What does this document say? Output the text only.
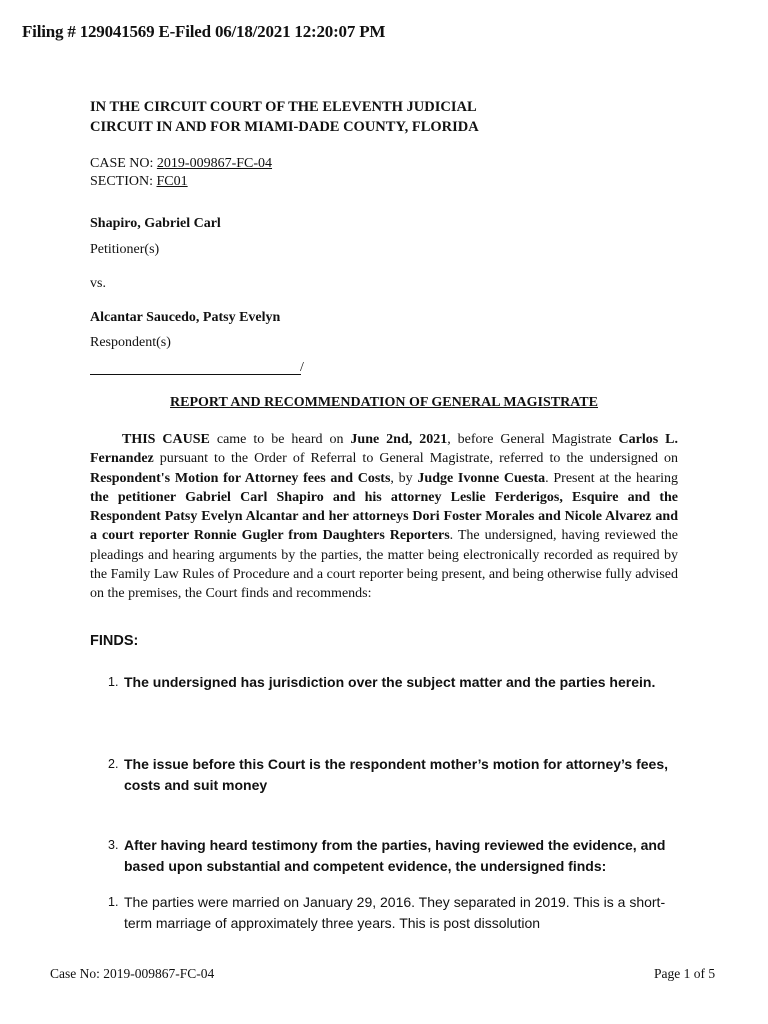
Filing # 129041569 E-Filed 06/18/2021 12:20:07 PM
IN THE CIRCUIT COURT OF THE ELEVENTH JUDICIAL
CIRCUIT IN AND FOR MIAMI-DADE COUNTY, FLORIDA
CASE NO: 2019-009867-FC-04
SECTION: FC01
Shapiro, Gabriel Carl
Petitioner(s)
vs.
Alcantar Saucedo, Patsy Evelyn
Respondent(s)
/
REPORT AND RECOMMENDATION OF GENERAL MAGISTRATE
THIS CAUSE came to be heard on June 2nd, 2021, before General Magistrate Carlos L. Fernandez pursuant to the Order of Referral to General Magistrate, referred to the undersigned on Respondent's Motion for Attorney fees and Costs, by Judge Ivonne Cuesta. Present at the hearing the petitioner Gabriel Carl Shapiro and his attorney Leslie Ferderigos, Esquire and the Respondent Patsy Evelyn Alcantar and her attorneys Dori Foster Morales and Nicole Alvarez and a court reporter Ronnie Gugler from Daughters Reporters. The undersigned, having reviewed the pleadings and hearing arguments by the parties, the matter being electronically recorded as required by the Family Law Rules of Procedure and a court reporter being present, and being otherwise fully advised on the premises, the Court finds and recommends:
FINDS:
1. The undersigned has jurisdiction over the subject matter and the parties herein.
2. The issue before this Court is the respondent mother’s motion for attorney’s fees, costs and suit money
3. After having heard testimony from the parties, having reviewed the evidence, and based upon substantial and competent evidence, the undersigned finds:
1. The parties were married on January 29, 2016. They separated in 2019. This is a short-term marriage of approximately three years. This is post dissolution
Case No: 2019-009867-FC-04	Page 1 of 5
